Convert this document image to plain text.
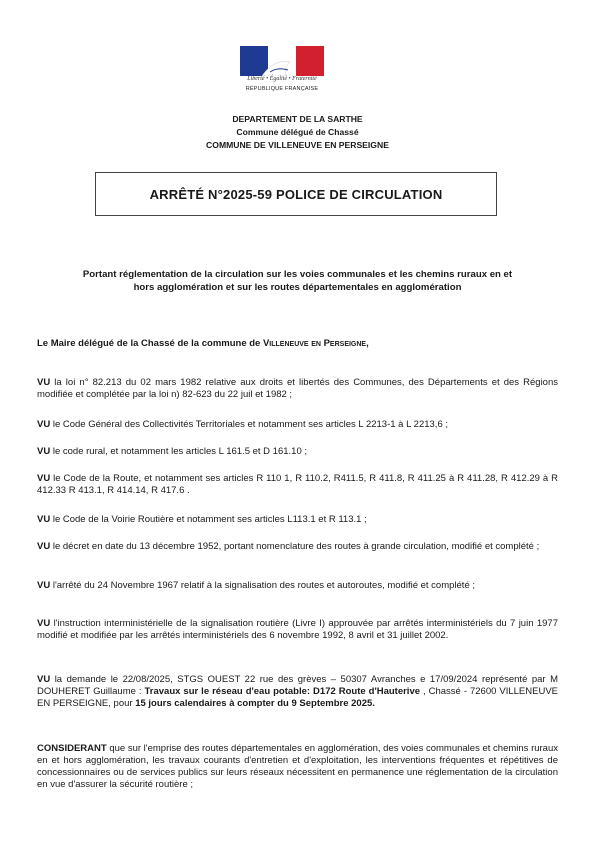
Liberté • Égalité • Fraternité
RÉPUBLIQUE FRANÇAISE
DEPARTEMENT DE LA SARTHE
Commune délégué de Chassé
COMMUNE DE VILLENEUVE EN PERSEIGNE
ARRÊTÉ N°2025-59 POLICE DE CIRCULATION
Portant réglementation de la circulation sur les voies communales et les chemins ruraux en et
hors agglomération et sur les routes départementales en agglomération
Le Maire délégué de la Chassé de la commune de Villeneuve en Perseigne,
VU la loi n° 82.213 du 02 mars 1982 relative aux droits et libertés des Communes, des Départements et des Régions modifiée et complétée par la loi n) 82-623 du 22 juil et 1982 ;
VU le Code Général des Collectivités Territoriales et notamment ses articles L 2213-1 à L 2213,6 ;
VU le code rural, et notamment les articles L 161.5 et D 161.10 ;
VU le Code de la Route, et notamment ses articles R 110 1, R 110.2, R411.5, R 411.8, R 411.25 à R 411.28, R 412.29 à R 412.33 R 413.1, R 414.14, R 417.6 .
VU le Code de la Voirie Routière et notamment ses articles L113.1 et R 113.1 ;
VU le décret en date du 13 décembre 1952, portant nomenclature des routes à grande circulation, modifié et complété ;
VU l'arrêté du 24 Novembre 1967 relatif à la signalisation des routes et autoroutes, modifié et complété ;
VU l'instruction interministérielle de la signalisation routière (Livre I) approuvée par arrêtés interministériels du 7 juin 1977 modifié et modifiée par les arrêtés interministériels des 6 novembre 1992, 8 avril et 31 juillet 2002.
VU la demande le 22/08/2025, STGS OUEST 22 rue des grèves – 50307 Avranches e 17/09/2024 représenté par M DOUHERET Guillaume : Travaux sur le réseau d'eau potable: D172 Route d'Hauterive , Chassé - 72600 VILLENEUVE EN PERSEIGNE, pour 15 jours calendaires à compter du 9 Septembre 2025.
CONSIDERANT que sur l'emprise des routes départementales en agglomération, des voies communales et chemins ruraux en et hors agglomération, les travaux courants d'entretien et d'exploitation, les interventions fréquentes et répétitives de concessionnaires ou de services publics sur leurs réseaux nécessitent en permanence une réglementation de la circulation en vue d'assurer la sécurité routière ;
